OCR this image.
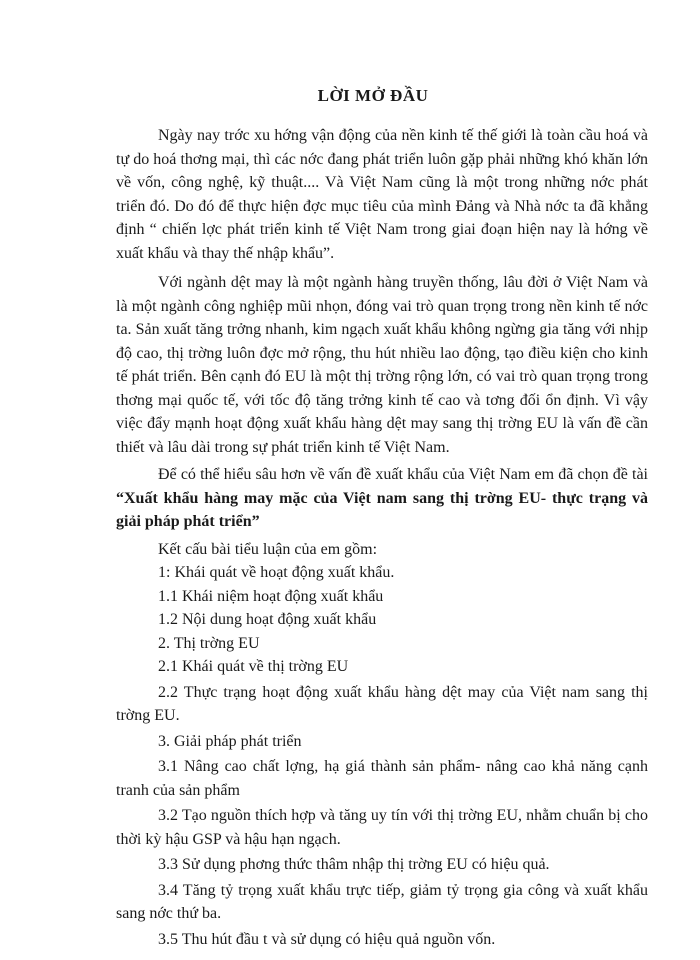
LỜI MỞ ĐẦU

Ngày nay trớc xu hớng vận động của nền kinh tế thế giới là toàn cầu hoá và tự do hoá thơng mại, thì các nớc đang phát triển luôn gặp phải những khó khăn lớn về vốn, công nghệ, kỹ thuật.... Và Việt Nam cũng là một trong những nớc phát triển đó. Do đó để thực hiện đợc mục tiêu của mình Đảng và Nhà nớc ta đã khẳng định “ chiến lợc phát triển kinh tế Việt Nam trong giai đoạn hiện nay là hớng về xuất khẩu và thay thế nhập khẩu”.

Với ngành dệt may là một ngành hàng truyền thống, lâu đời ở Việt Nam và là một ngành công nghiệp mũi nhọn, đóng vai trò quan trọng trong nền kinh tế nớc ta. Sản xuất tăng trởng nhanh, kim ngạch xuất khẩu không ngừng gia tăng với nhịp độ cao, thị trờng luôn đợc mở rộng, thu hút nhiều lao động, tạo điều kiện cho kinh tế phát triển. Bên cạnh đó EU là một thị trờng rộng lớn, có vai trò quan trọng trong thơng mại quốc tế, với tốc độ tăng trởng kinh tế cao và tơng đối ổn định. Vì vậy việc đẩy mạnh hoạt động xuất khẩu hàng dệt may sang thị trờng EU là vấn đề cần thiết và lâu dài trong sự phát triển kinh tế Việt Nam.

Để có thể hiểu sâu hơn về vấn đề xuất khẩu của Việt Nam em đã chọn đề tài “Xuất khẩu hàng may mặc của Việt nam sang thị trờng EU- thực trạng và giải pháp phát triển”

Kết cấu bài tiểu luận của em gồm:

1: Khái quát về hoạt động xuất khẩu.

1.1 Khái niệm hoạt động xuất khẩu

1.2 Nội dung hoạt động xuất khẩu

2. Thị trờng EU

2.1 Khái quát về thị trờng EU

2.2 Thực trạng hoạt động xuất khẩu hàng dệt may của Việt nam sang thị trờng EU.

3. Giải pháp phát triển

3.1 Nâng cao chất lợng, hạ giá thành sản phẩm- nâng cao khả năng cạnh tranh của sản phẩm

3.2 Tạo nguồn thích hợp và tăng uy tín với thị trờng EU, nhằm chuẩn bị cho thời kỳ hậu GSP và hậu hạn ngạch.

3.3 Sử dụng phơng thức thâm nhập thị trờng EU có hiệu quả.

3.4 Tăng tỷ trọng xuất khẩu trực tiếp, giảm tỷ trọng gia công và xuất khẩu sang nớc thứ ba.

3.5 Thu hút đầu t và sử dụng có hiệu quả nguồn vốn.
